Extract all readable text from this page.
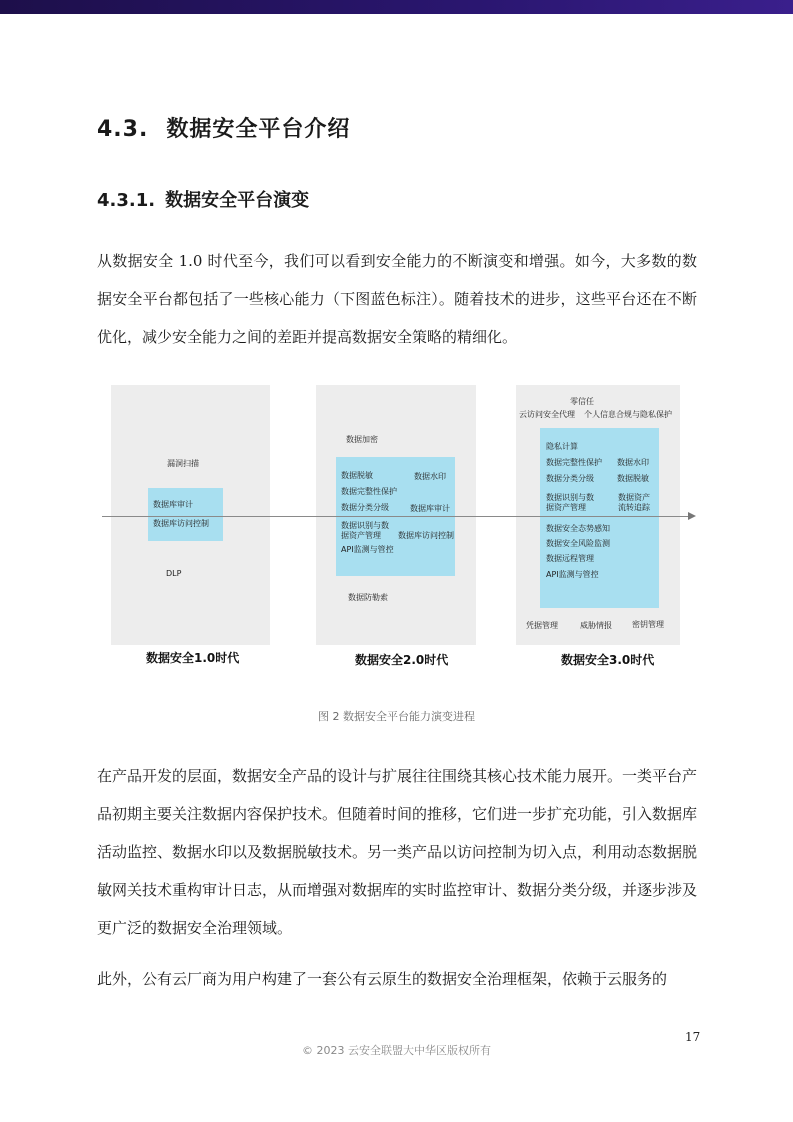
4.3. 数据安全平台介绍
4.3.1. 数据安全平台演变
从数据安全 1.0 时代至今，我们可以看到安全能力的不断演变和增强。如今，大多数的数据安全平台都包括了一些核心能力（下图蓝色标注）。随着技术的进步，这些平台还在不断优化，减少安全能力之间的差距并提高数据安全策略的精细化。
漏洞扫描
数据库审计
数据库访问控制
DLP
数据安全1.0时代
数据加密
数据脱敏	数据水印
数据完整性保护
数据分类分级	数据库审计
数据识别与数
据资产管理 数据库访问控制
API监测与管控
数据防勒索
数据安全2.0时代
零信任
云访问安全代理 个人信息合规与隐私保护
隐私计算
数据完整性保护 数据水印
数据分类分级	数据脱敏
数据识别与数
据资产管理
数据资产
流转追踪
数据安全态势感知
数据安全风险监测
数据远程管理
API监测与管控
凭据管理	威胁情报	密钥管理
数据安全3.0时代
图 2 数据安全平台能力演变进程
在产品开发的层面，数据安全产品的设计与扩展往往围绕其核心技术能力展开。一类平台产品初期主要关注数据内容保护技术。但随着时间的推移，它们进一步扩充功能，引入数据库活动监控、数据水印以及数据脱敏技术。另一类产品以访问控制为切入点，利用动态数据脱敏网关技术重构审计日志，从而增强对数据库的实时监控审计、数据分类分级，并逐步涉及更广泛的数据安全治理领域。
此外，公有云厂商为用户构建了一套公有云原生的数据安全治理框架，依赖于云服务的
17
© 2023 云安全联盟大中华区版权所有
